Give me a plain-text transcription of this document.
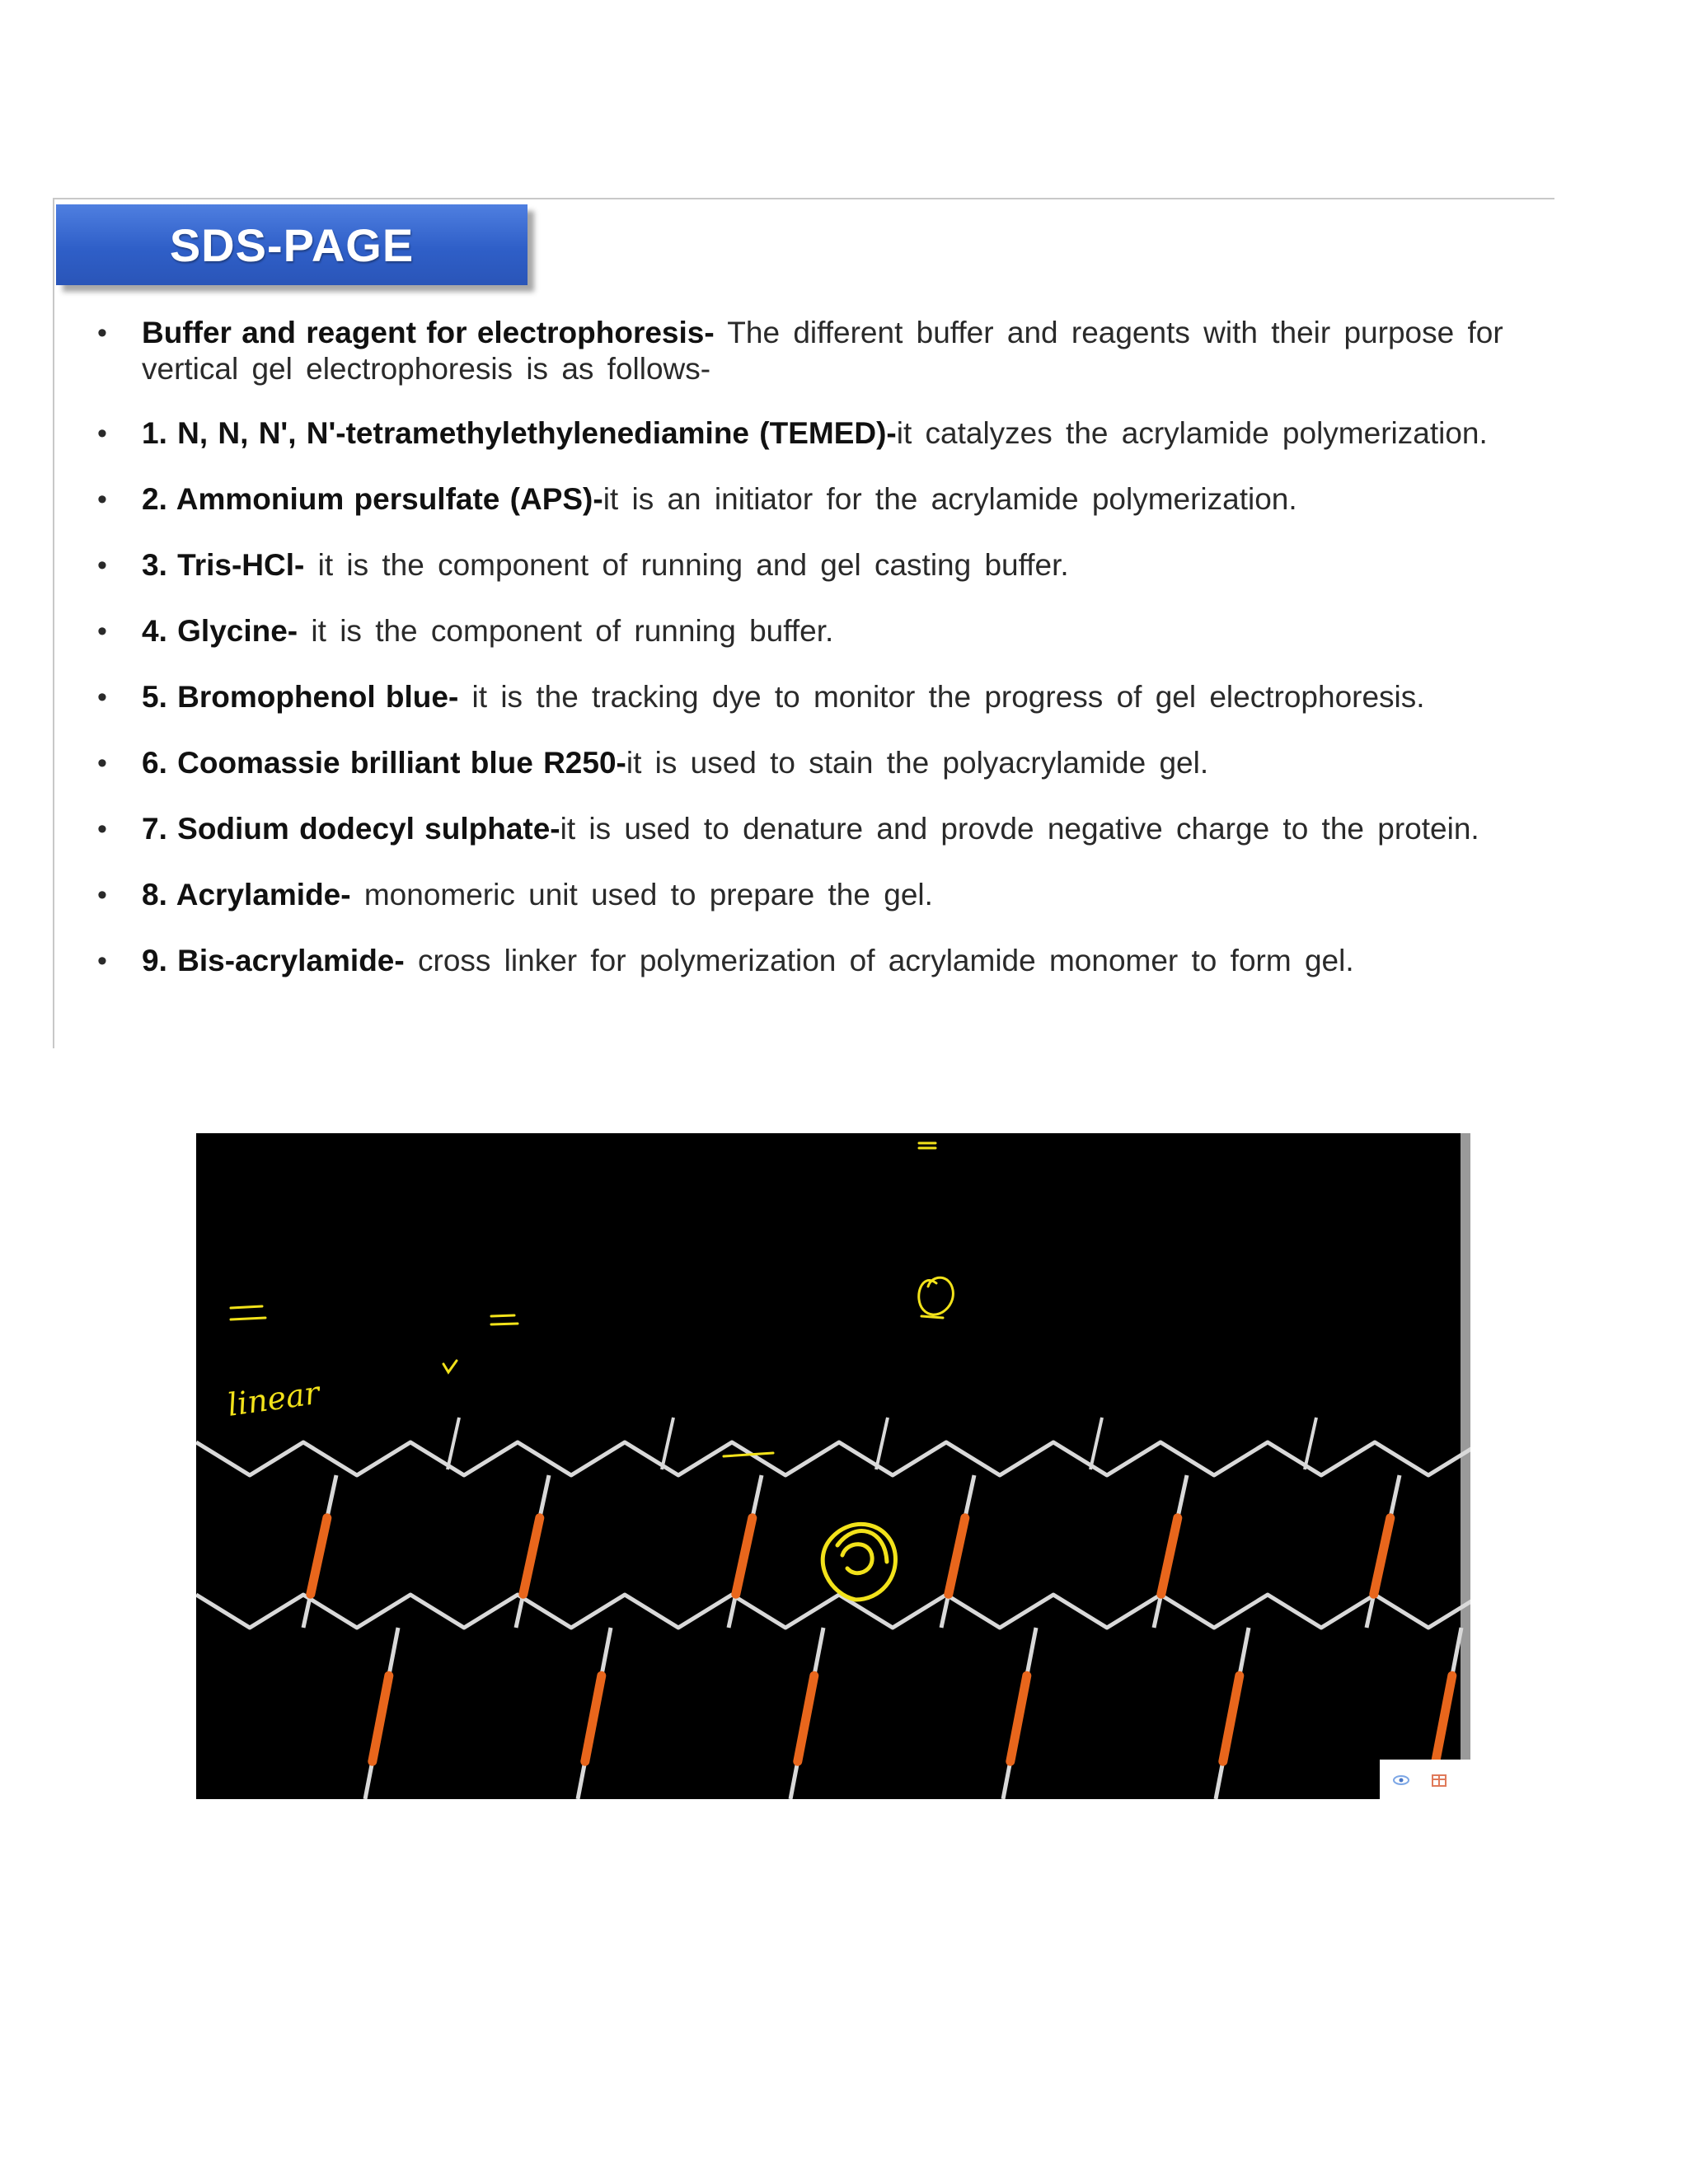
SDS-PAGE
• Buffer and reagent for electrophoresis- The different buffer and reagents with their purpose for vertical gel electrophoresis is as follows-
• 1. N, N, N', N'-tetramethylethylenediamine (TEMED)-it catalyzes the acrylamide polymerization.
• 2. Ammonium persulfate (APS)-it is an initiator for the acrylamide polymerization.
• 3. Tris-HCl- it is the component of running and gel casting buffer.
• 4. Glycine- it is the component of running buffer.
• 5. Bromophenol blue- it is the tracking dye to monitor the progress of gel electrophoresis.
• 6. Coomassie brilliant blue R250-it is used to stain the polyacrylamide gel.
• 7. Sodium dodecyl sulphate-it is used to denature and provde negative charge to the protein.
• 8. Acrylamide- monomeric unit used to prepare the gel.
• 9. Bis-acrylamide- cross linker for polymerization of acrylamide monomer to form gel.
linear
